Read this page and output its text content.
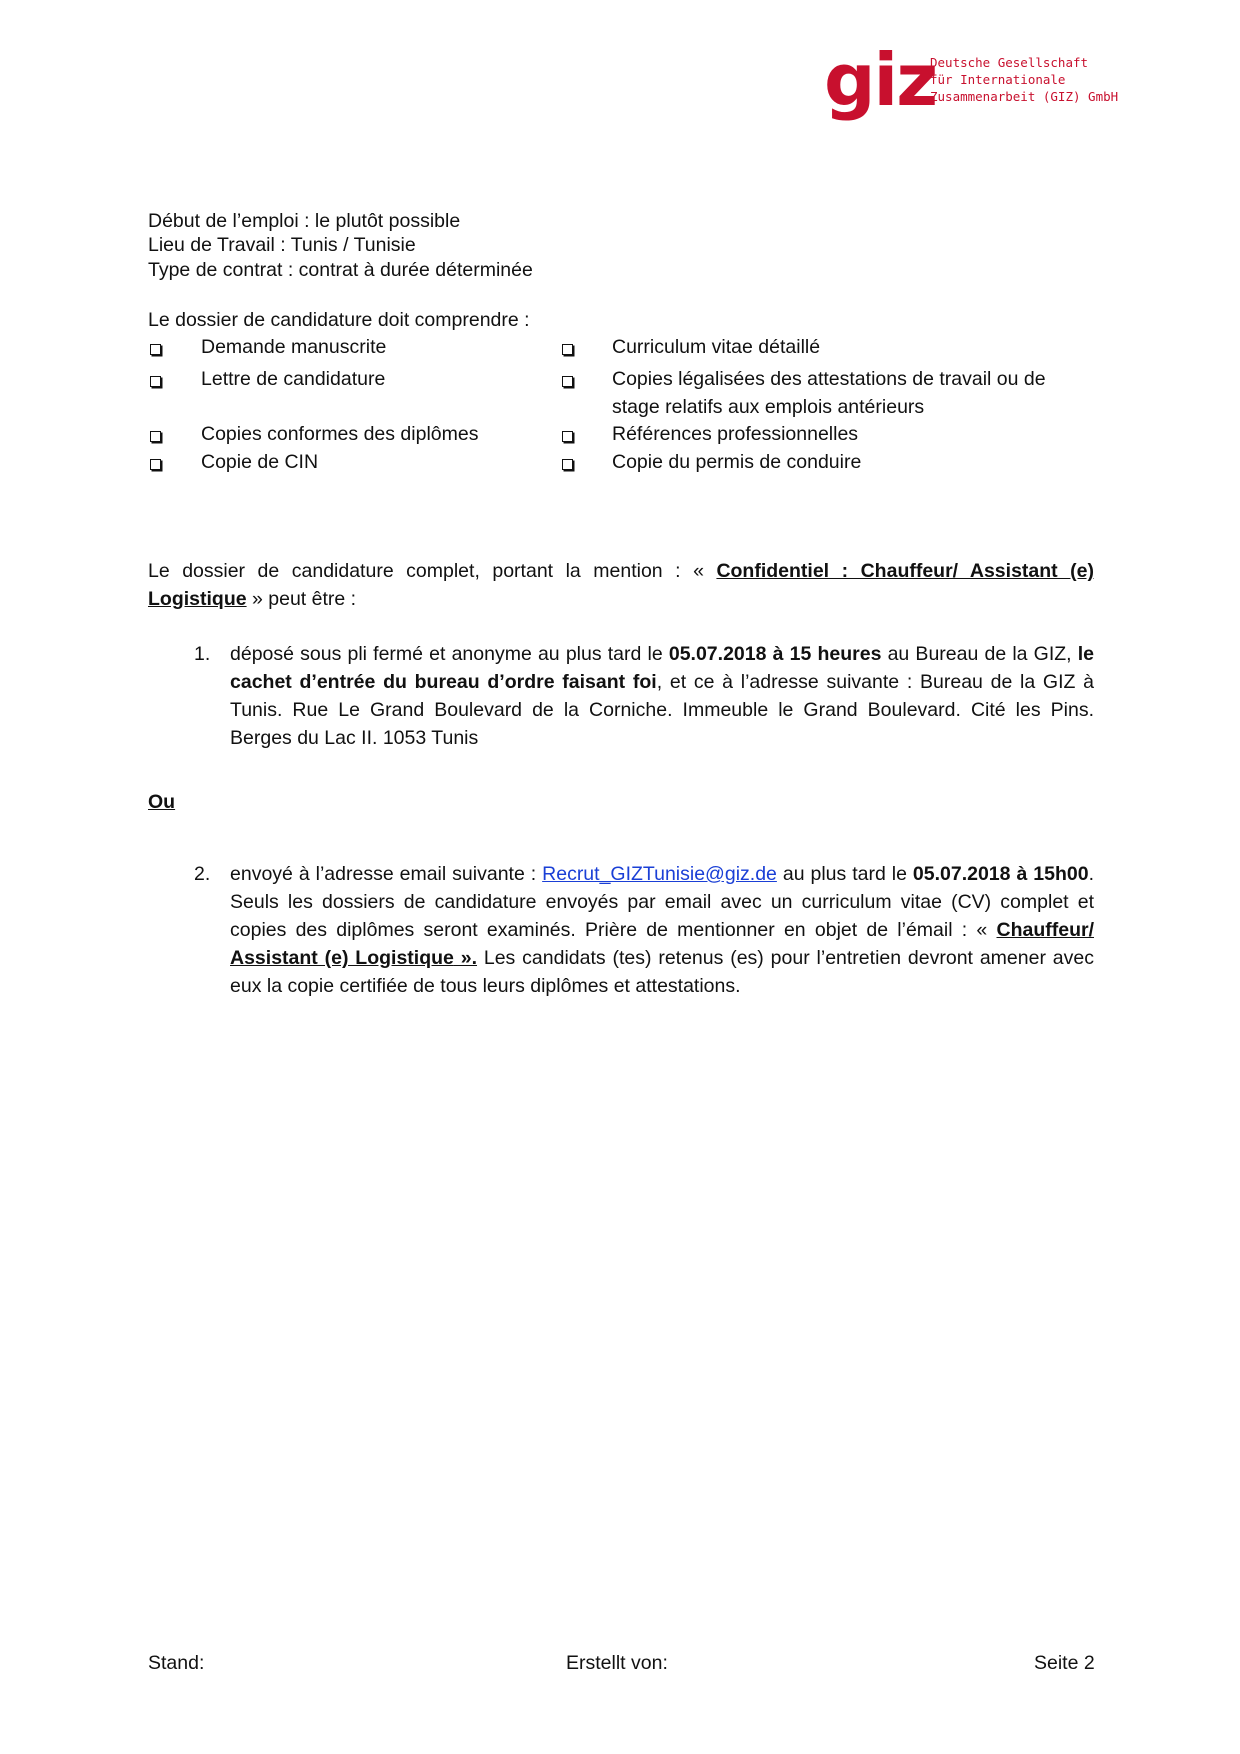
giz
Deutsche Gesellschaft
für Internationale
Zusammenarbeit (GIZ) GmbH
Début de l’emploi : le plutôt possible
Lieu de Travail : Tunis / Tunisie
Type de contrat : contrat à durée déterminée
Le dossier de candidature doit comprendre :
Demande manuscrite
Lettre de candidature
Copies conformes des diplômes
Copie de CIN
Curriculum vitae détaillé
Copies légalisées des attestations de travail ou de
stage relatifs aux emplois antérieurs
Références professionnelles
Copie du permis de conduire
Le dossier de candidature complet, portant la mention : « Confidentiel : Chauffeur/ Assistant (e) Logistique » peut être :
1. déposé sous pli fermé et anonyme au plus tard le 05.07.2018 à 15 heures au Bureau de la GIZ, le cachet d’entrée du bureau d’ordre faisant foi, et ce à l’adresse suivante : Bureau de la GIZ à Tunis. Rue Le Grand Boulevard de la Corniche. Immeuble le Grand Boulevard. Cité les Pins. Berges du Lac II. 1053 Tunis
Ou
2. envoyé à l’adresse email suivante : Recrut_GIZTunisie@giz.de au plus tard le 05.07.2018 à 15h00. Seuls les dossiers de candidature envoyés par email avec un curriculum vitae (CV) complet et copies des diplômes seront examinés. Prière de mentionner en objet de l’émail : « Chauffeur/ Assistant (e) Logistique ». Les candidats (tes) retenus (es) pour l’entretien devront amener avec eux la copie certifiée de tous leurs diplômes et attestations.
Stand:	Erstellt von:	Seite 2
